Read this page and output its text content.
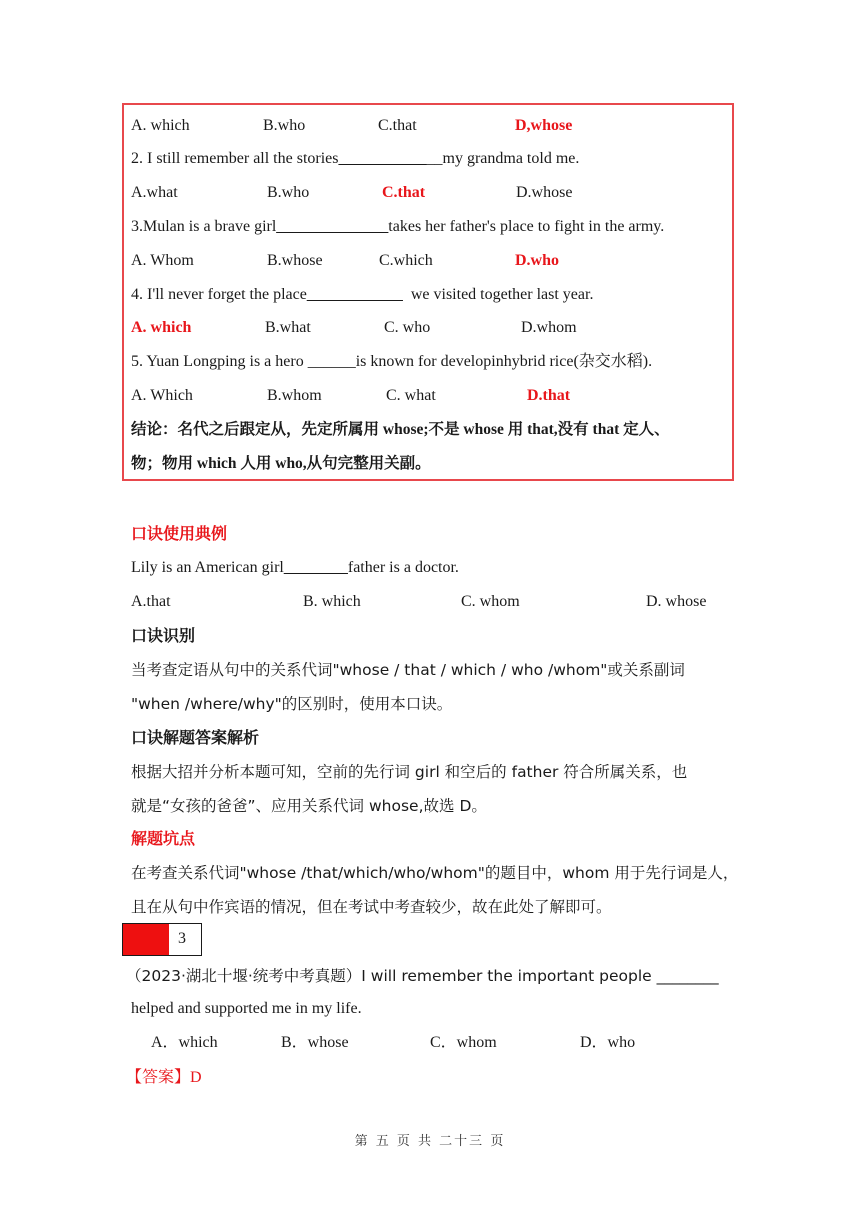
A. which	B.who	C.that	D,whose
2. I still remember all the stories_____________my grandma told me.
A.what	B.who	C.that	D.whose
3.Mulan is a brave girl______________takes her father's place to fight in the army.
A. Whom	B.whose	C.which	D.who
4. I'll never forget the place____________  we visited together last year.
A. which	B.what	C. who	D.whom
5. Yuan Longping is a hero ______is known for developinhybrid rice(杂交水稻).
A. Which	B.whom	C. what	D.that
结论：名代之后跟定从，先定所属用 whose;不是 whose 用 that,没有 that 定人、
物；物用 which 人用 who,从句完整用关副。
口诀使用典例
Lily is an American girl________father is a doctor.
A.that	B. which	C. whom	D. whose
口诀识别
当考查定语从句中的关系代词"whose / that / which / who /whom"或关系副词
"when /where/why"的区别时，使用本口诀。
口诀解题答案解析
根据大招并分析本题可知，空前的先行词 girl 和空后的 father 符合所属关系，也
就是“女孩的爸爸”、应用关系代词 whose,故选 D。
解题坑点
在考查关系代词"whose /that/which/who/whom"的题目中，whom 用于先行词是人，
且在从句中作宾语的情况，但在考试中考查较少，故在此处了解即可。
3
（2023·湖北十堰·统考中考真题）I will remember the important people ________
helped and supported me in my life.
A．which	B．whose	C．whom	D．who
【答案】D
第 五 页 共 二十三 页
